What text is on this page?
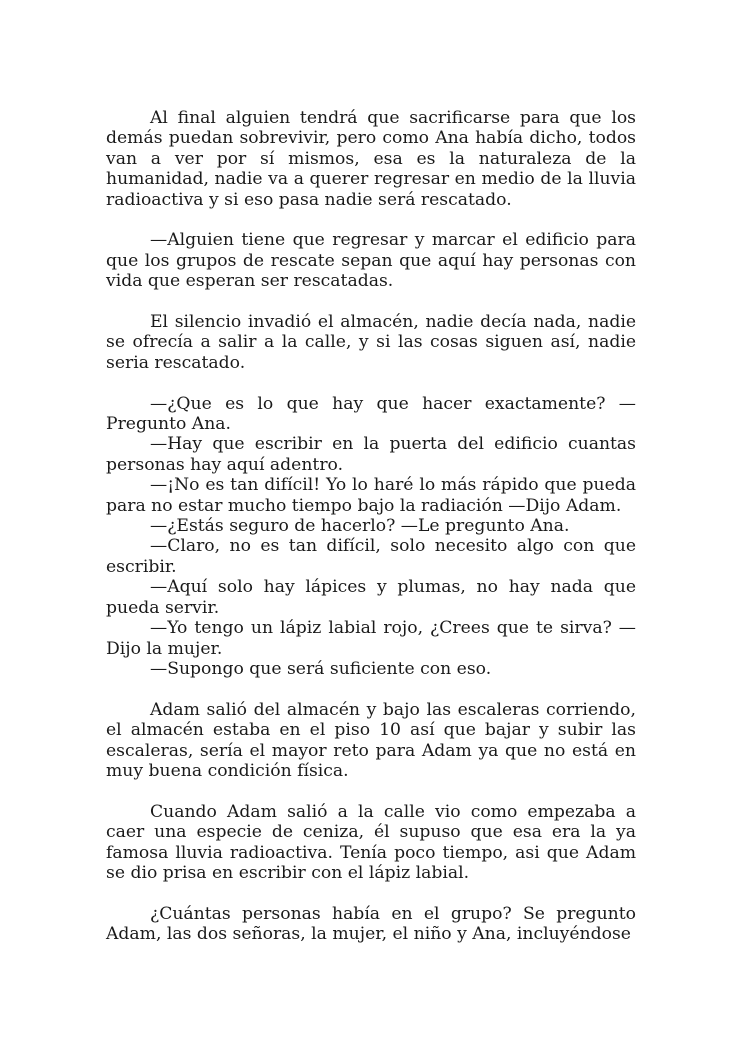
Al final alguien tendrá que sacrificarse para que los demás puedan sobrevivir, pero como Ana había dicho, todos van a ver por sí mismos, esa es la naturaleza de la humanidad, nadie va a querer regresar en medio de la lluvia radioactiva y si eso pasa nadie será rescatado.

—Alguien tiene que regresar y marcar el edificio para que los grupos de rescate sepan que aquí hay personas con vida que esperan ser rescatadas.

El silencio invadió el almacén, nadie decía nada, nadie se ofrecía a salir a la calle, y si las cosas siguen así, nadie seria rescatado.

—¿Que es lo que hay que hacer exactamente? —Pregunto Ana.

—Hay que escribir en la puerta del edificio cuantas personas hay aquí adentro.

—¡No es tan difícil! Yo lo haré lo más rápido que pueda para no estar mucho tiempo bajo la radiación —Dijo Adam.

—¿Estás seguro de hacerlo? —Le pregunto Ana.

—Claro, no es tan difícil, solo necesito algo con que escribir.

—Aquí solo hay lápices y plumas, no hay nada que pueda servir.

—Yo tengo un lápiz labial rojo, ¿Crees que te sirva? —Dijo la mujer.

—Supongo que será suficiente con eso.

Adam salió del almacén y bajo las escaleras corriendo, el almacén estaba en el piso 10 así que bajar y subir las escaleras, sería el mayor reto para Adam ya que no está en muy buena condición física.

Cuando Adam salió a la calle vio como empezaba a caer una especie de ceniza, él supuso que esa era la ya famosa lluvia radioactiva. Tenía poco tiempo, asi que Adam se dio prisa en escribir con el lápiz labial.

¿Cuántas personas había en el grupo? Se pregunto Adam, las dos señoras, la mujer, el niño y Ana, incluyéndose
